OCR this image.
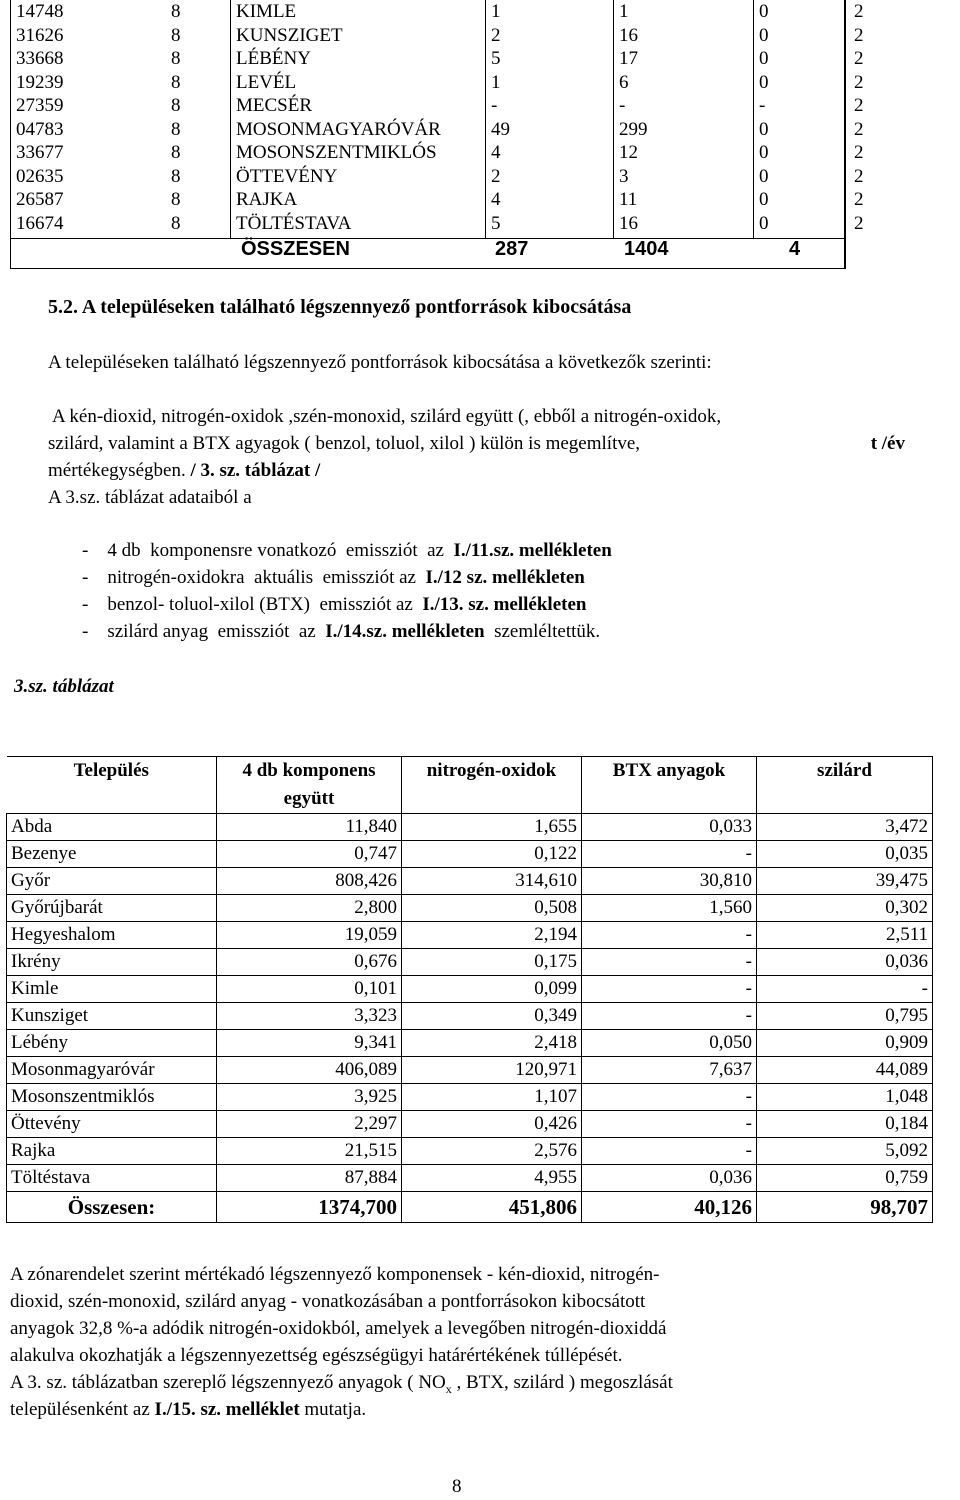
14748	8	KIMLE	1	1	0	2
31626	8	KUNSZIGET	2	16	0	2
33668	8	LÉBÉNY	5	17	0	2
19239	8	LEVÉL	1	6	0	2
27359	8	MECSÉR	-	-	-	2
04783	8	MOSONMAGYARÓVÁR	49	299	0	2
33677	8	MOSONSZENTMIKLÓS	4	12	0	2
02635	8	ÖTTEVÉNY	2	3	0	2
26587	8	RAJKA	4	11	0	2
16674	8	TÖLTÉSTAVA	5	16	0	2
ÖSSZESEN	287	1404	4
5.2. A településeken található légszennyező pontforrások kibocsátása
A településeken található légszennyező pontforrások kibocsátása a következők szerinti:
A kén-dioxid, nitrogén-oxidok ,szén-monoxid, szilárd együtt (, ebből a nitrogén-oxidok,
szilárd, valamint a BTX agyagok ( benzol, toluol, xilol ) külön is megemlítve,	t /év
mértékegységben. / 3. sz. táblázat /
A 3.sz. táblázat adataiból a
-    4 db  komponensre vonatkozó  emissziót  az  I./11.sz. mellékleten
-    nitrogén-oxidokra  aktuális  emissziót az  I./12 sz. mellékleten
-    benzol- toluol-xilol (BTX)  emissziót az  I./13. sz. mellékleten
-    szilárd anyag  emissziót  az  I./14.sz. mellékleten  szemléltettük.
3.sz. táblázat
Település	4 db komponens együtt	nitrogén-oxidok	BTX anyagok	szilárd
Abda	11,840	1,655	0,033	3,472
Bezenye	0,747	0,122	-	0,035
Győr	808,426	314,610	30,810	39,475
Győrújbarát	2,800	0,508	1,560	0,302
Hegyeshalom	19,059	2,194	-	2,511
Ikrény	0,676	0,175	-	0,036
Kimle	0,101	0,099	-	-
Kunsziget	3,323	0,349	-	0,795
Lébény	9,341	2,418	0,050	0,909
Mosonmagyaróvár	406,089	120,971	7,637	44,089
Mosonszentmiklós	3,925	1,107	-	1,048
Öttevény	2,297	0,426	-	0,184
Rajka	21,515	2,576	-	5,092
Töltéstava	87,884	4,955	0,036	0,759
Összesen:	1374,700	451,806	40,126	98,707
A zónarendelet szerint mértékadó légszennyező komponensek - kén-dioxid, nitrogén-
dioxid, szén-monoxid, szilárd anyag - vonatkozásában a pontforrásokon kibocsátott
anyagok 32,8 %-a adódik nitrogén-oxidokból, amelyek a levegőben nitrogén-dioxiddá
alakulva okozhatják a légszennyezettség egészségügyi határértékének túllépését.
A 3. sz. táblázatban szereplő légszennyező anyagok ( $NO_x$ , BTX, szilárd ) megoszlását
településenként az I./15. sz. melléklet mutatja.
8
